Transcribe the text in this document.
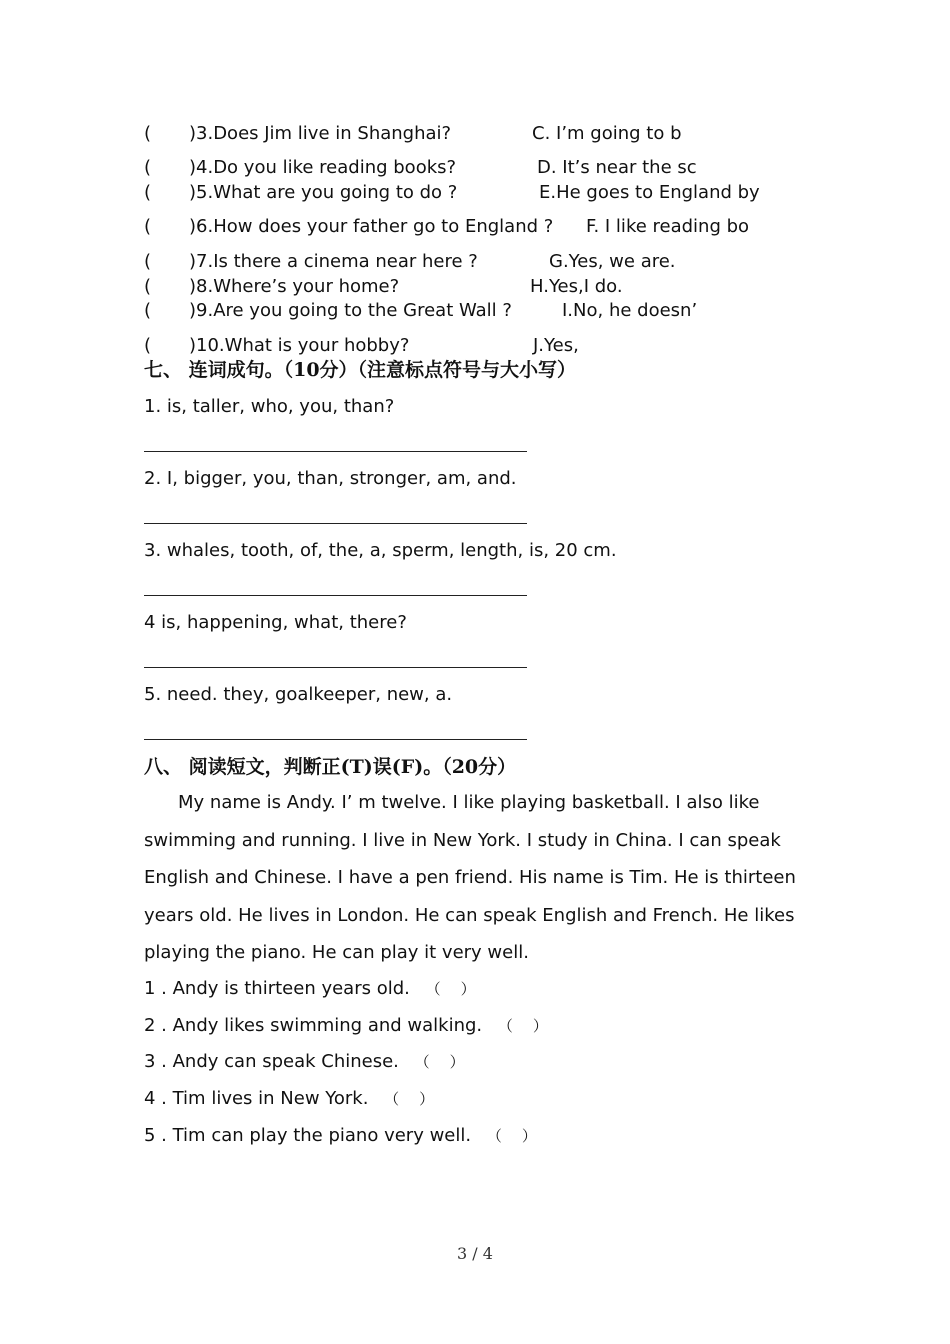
( )3.Does Jim live in Shanghai?	C. I’m going to b
( )4.Do you like reading books?	D. It’s near the sc
( )5.What are you going to do ?	E.He goes to England by
( )6.How does your father go to England ? F. I like reading bo
( )7.Is there a cinema near here ?	G.Yes, we are.
( )8.Where’s your home?	H.Yes,I do.
( )9.Are you going to the Great Wall ?	I.No, he doesn’
( )10.What is your hobby?	J.Yes,
七、 连词成句。（10分）（注意标点符号与大小写）
1. is, taller, who, you, than?
2. I, bigger, you, than, stronger, am, and.
3. whales, tooth, of, the, a, sperm, length, is, 20 cm.
4 is, happening, what, there?
5. need. they, goalkeeper, new, a.
八、 阅读短文，判断正(T)误(F)。（20分）
My name is Andy. I’ m twelve. I like playing basketball. I also like swimming and running. I live in New York. I study in China. I can speak English and Chinese. I have a pen friend. His name is Tim. He is thirteen years old. He lives in London. He can speak English and French. He likes playing the piano. He can play it very well.
1 . Andy is thirteen years old. （ ）
2 . Andy likes swimming and walking. （ ）
3 . Andy can speak Chinese. （ ）
4 . Tim lives in New York. （ ）
5 . Tim can play the piano very well. （ ）
3 / 4
